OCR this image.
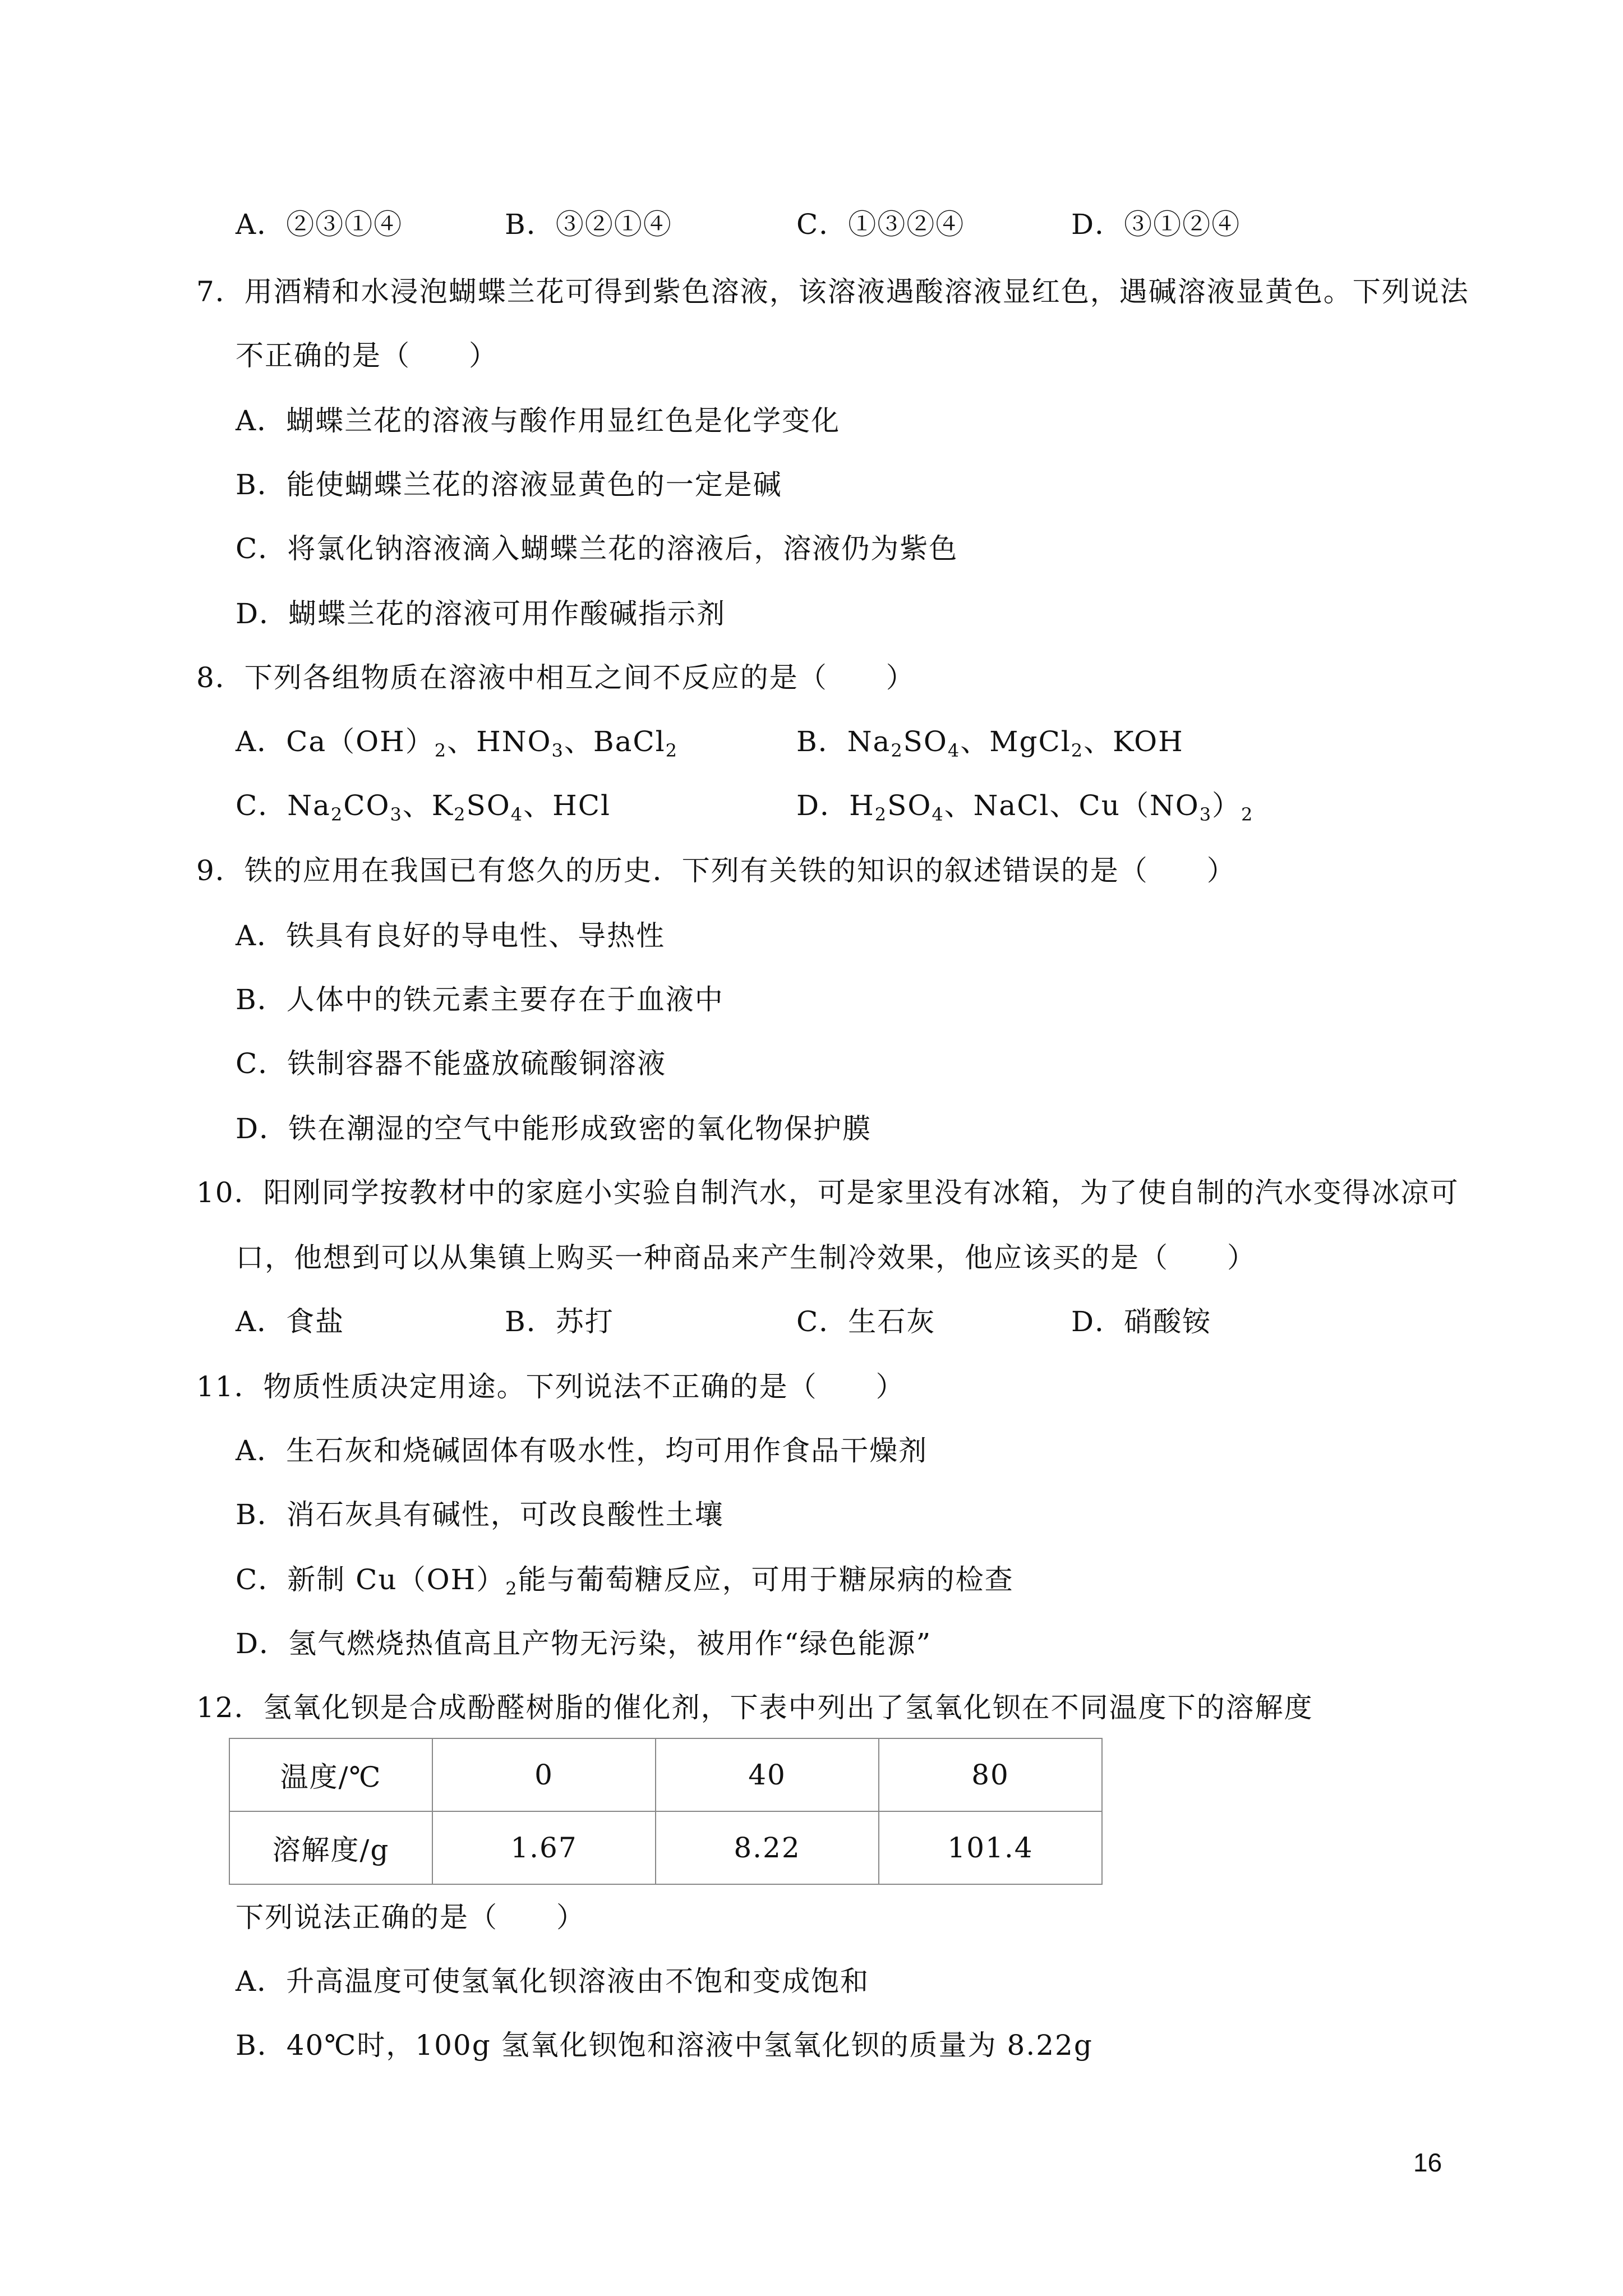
A．②③①④	B．③②①④	C．①③②④	D．③①②④
7．用酒精和水浸泡蝴蝶兰花可得到紫色溶液，该溶液遇酸溶液显红色，遇碱溶液显黄色。下列说法
不正确的是（　　）
A．蝴蝶兰花的溶液与酸作用显红色是化学变化
B．能使蝴蝶兰花的溶液显黄色的一定是碱
C．将氯化钠溶液滴入蝴蝶兰花的溶液后，溶液仍为紫色
D．蝴蝶兰花的溶液可用作酸碱指示剂
8．下列各组物质在溶液中相互之间不反应的是（　　）
A．$Ca(OH)_2$、$HNO_3$、BaCl$_2$	B．$Na_2SO_4$、MgCl$_2$、KOH
C．$Na_2CO_3$、$K_2SO_4$、HCl	D．$H_2SO_4$、NaCl、$Cu(NO_3)_2$
9．铁的应用在我国已有悠久的历史．下列有关铁的知识的叙述错误的是（　　）
A．铁具有良好的导电性、导热性
B．人体中的铁元素主要存在于血液中
C．铁制容器不能盛放硫酸铜溶液
D．铁在潮湿的空气中能形成致密的氧化物保护膜
10．阳刚同学按教材中的家庭小实验自制汽水，可是家里没有冰箱，为了使自制的汽水变得冰凉可
口，他想到可以从集镇上购买一种商品来产生制冷效果，他应该买的是（　　）
A．食盐	B．苏打	C．生石灰	D．硝酸铵
11．物质性质决定用途。下列说法不正确的是（　　）
A．生石灰和烧碱固体有吸水性，均可用作食品干燥剂
B．消石灰具有碱性，可改良酸性土壤
C．新制 $Cu(OH)_2$能与葡萄糖反应，可用于糖尿病的检查
D．氢气燃烧热值高且产物无污染，被用作“绿色能源”
12．氢氧化钡是合成酚醛树脂的催化剂，下表中列出了氢氧化钡在不同温度下的溶解度
温度/℃	0	40	80
溶解度/g	1.67	8.22	101.4
下列说法正确的是（　　）
A．升高温度可使氢氧化钡溶液由不饱和变成饱和
B．40℃时，100g 氢氧化钡饱和溶液中氢氧化钡的质量为 8.22g
16
